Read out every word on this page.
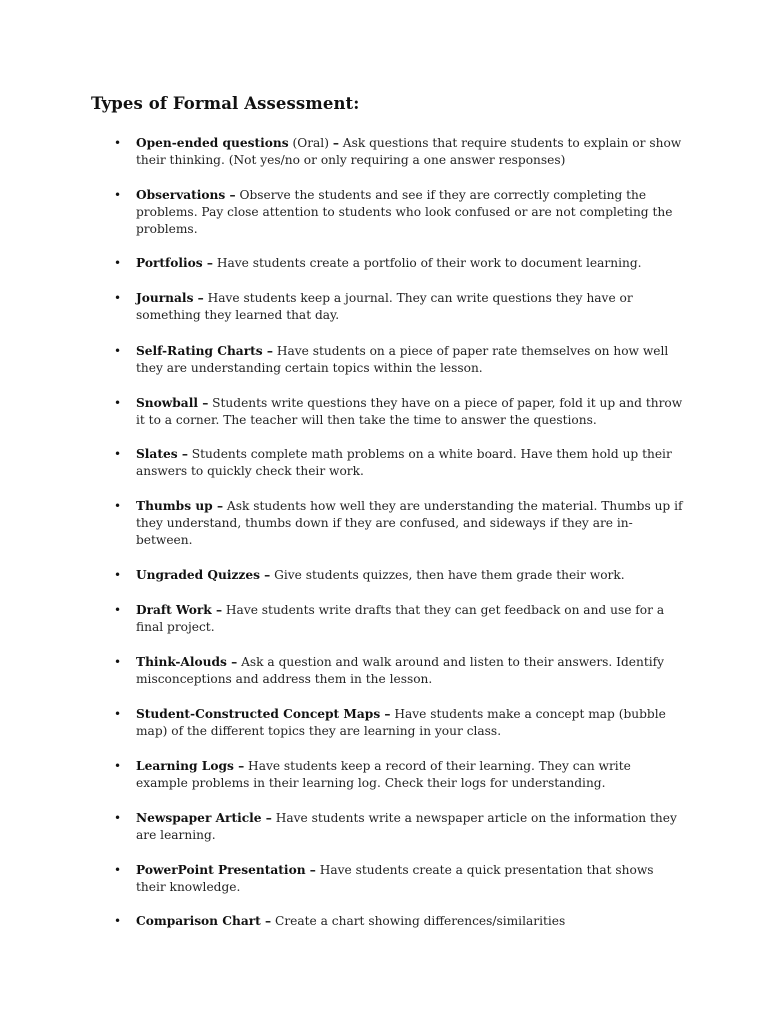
Types of Formal Assessment:
• Open-ended questions (Oral) – Ask questions that require students to explain or show their thinking. (Not yes/no or only requiring a one answer responses)
• Observations – Observe the students and see if they are correctly completing the problems. Pay close attention to students who look confused or are not completing the problems.
• Portfolios – Have students create a portfolio of their work to document learning.
• Journals – Have students keep a journal. They can write questions they have or something they learned that day.
• Self-Rating Charts – Have students on a piece of paper rate themselves on how well they are understanding certain topics within the lesson.
• Snowball – Students write questions they have on a piece of paper, fold it up and throw it to a corner. The teacher will then take the time to answer the questions.
• Slates – Students complete math problems on a white board. Have them hold up their answers to quickly check their work.
• Thumbs up – Ask students how well they are understanding the material. Thumbs up if they understand, thumbs down if they are confused, and sideways if they are in-between.
• Ungraded Quizzes – Give students quizzes, then have them grade their work.
• Draft Work – Have students write drafts that they can get feedback on and use for a final project.
• Think-Alouds – Ask a question and walk around and listen to their answers. Identify misconceptions and address them in the lesson.
• Student-Constructed Concept Maps – Have students make a concept map (bubble map) of the different topics they are learning in your class.
• Learning Logs – Have students keep a record of their learning. They can write example problems in their learning log. Check their logs for understanding.
• Newspaper Article – Have students write a newspaper article on the information they are learning.
• PowerPoint Presentation – Have students create a quick presentation that shows their knowledge.
• Comparison Chart – Create a chart showing differences/similarities
